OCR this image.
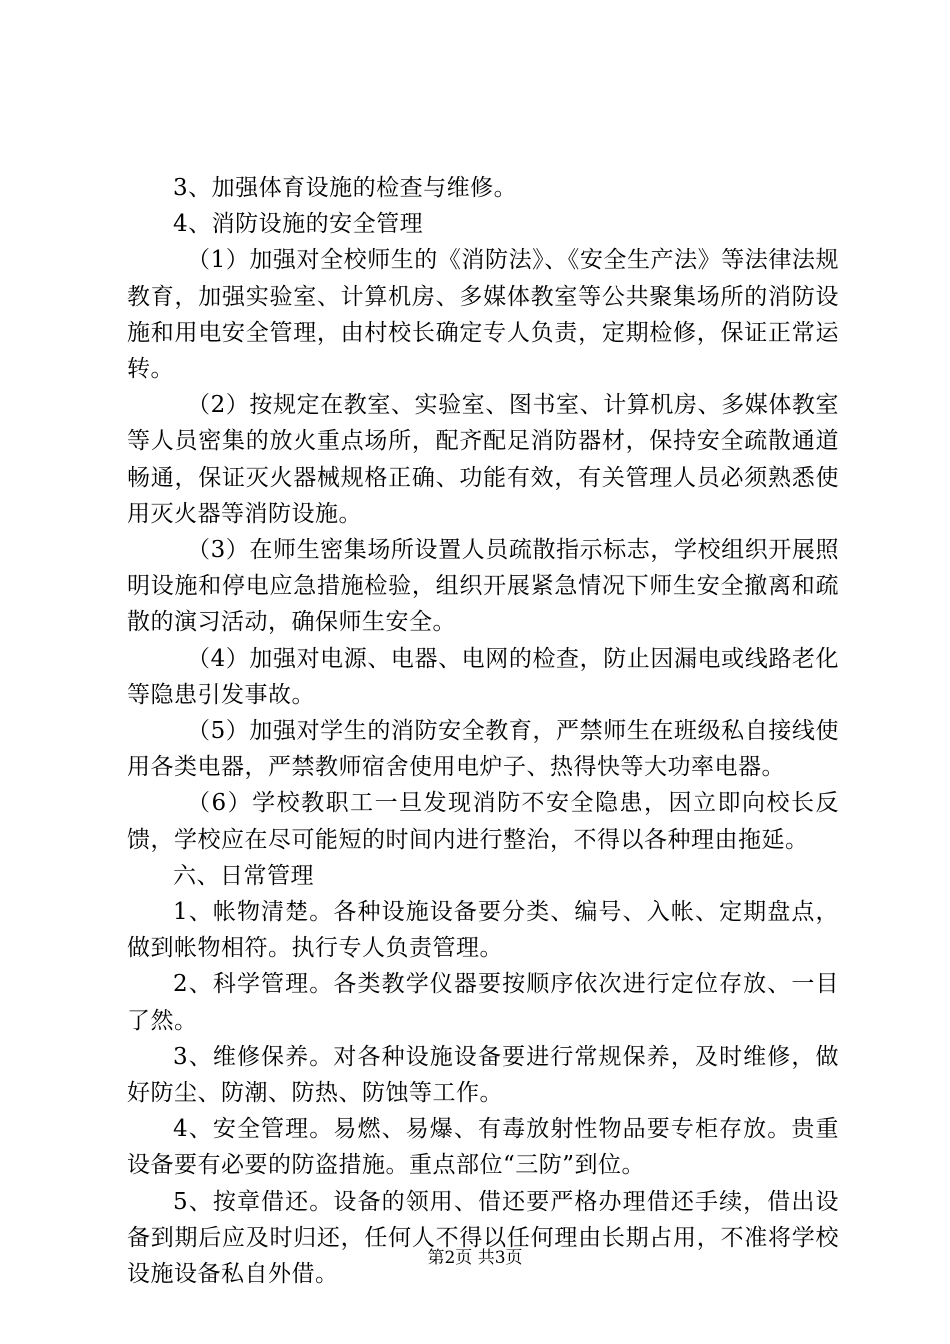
3、加强体育设施的检查与维修。

4、消防设施的安全管理

（1）加强对全校师生的《消防法》、《安全生产法》等法律法规教育，加强实验室、计算机房、多媒体教室等公共聚集场所的消防设施和用电安全管理，由村校长确定专人负责，定期检修，保证正常运转。

（2）按规定在教室、实验室、图书室、计算机房、多媒体教室等人员密集的放火重点场所，配齐配足消防器材，保持安全疏散通道畅通，保证灭火器械规格正确、功能有效，有关管理人员必须熟悉使用灭火器等消防设施。

（3）在师生密集场所设置人员疏散指示标志，学校组织开展照明设施和停电应急措施检验，组织开展紧急情况下师生安全撤离和疏散的演习活动，确保师生安全。

（4）加强对电源、电器、电网的检查，防止因漏电或线路老化等隐患引发事故。

（5）加强对学生的消防安全教育，严禁师生在班级私自接线使用各类电器，严禁教师宿舍使用电炉子、热得快等大功率电器。

（6）学校教职工一旦发现消防不安全隐患，因立即向校长反馈，学校应在尽可能短的时间内进行整治，不得以各种理由拖延。

六、日常管理

1、帐物清楚。各种设施设备要分类、编号、入帐、定期盘点，做到帐物相符。执行专人负责管理。

2、科学管理。各类教学仪器要按顺序依次进行定位存放、一目了然。

3、维修保养。对各种设施设备要进行常规保养，及时维修，做好防尘、防潮、防热、防蚀等工作。

4、安全管理。易燃、易爆、有毒放射性物品要专柜存放。贵重设备要有必要的防盗措施。重点部位“三防”到位。

5、按章借还。设备的领用、借还要严格办理借还手续，借出设备到期后应及时归还，任何人不得以任何理由长期占用，不准将学校设施设备私自外借。

第2页 共3页
